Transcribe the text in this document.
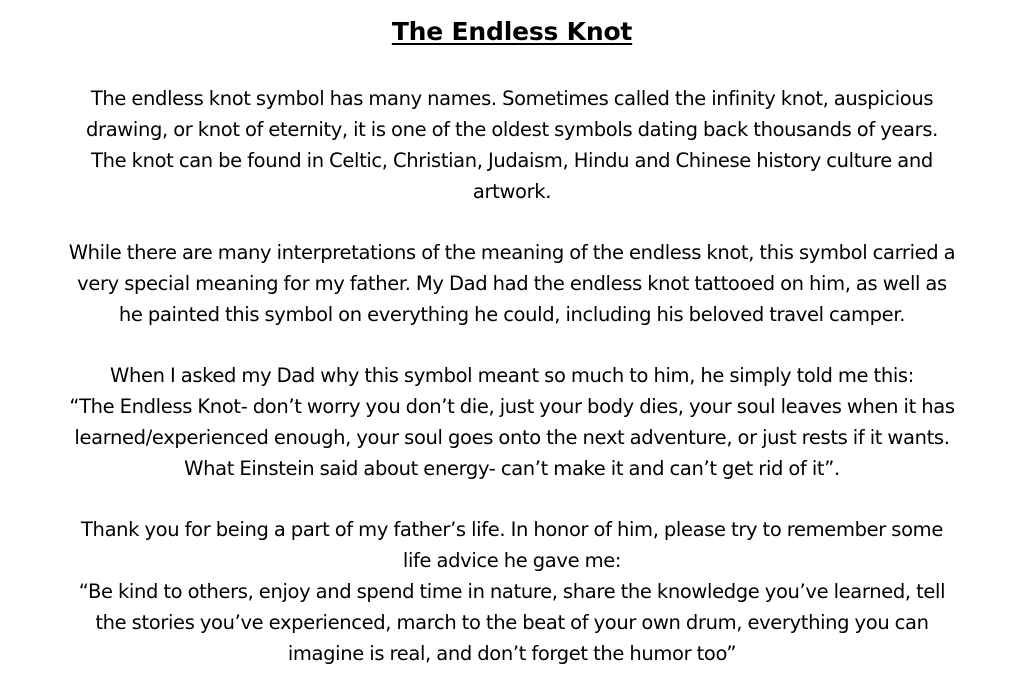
The Endless Knot

The endless knot symbol has many names. Sometimes called the infinity knot, auspicious
drawing, or knot of eternity, it is one of the oldest symbols dating back thousands of years.
The knot can be found in Celtic, Christian, Judaism, Hindu and Chinese history culture and
artwork.

While there are many interpretations of the meaning of the endless knot, this symbol carried a
very special meaning for my father. My Dad had the endless knot tattooed on him, as well as
he painted this symbol on everything he could, including his beloved travel camper.

When I asked my Dad why this symbol meant so much to him, he simply told me this:
“The Endless Knot- don’t worry you don’t die, just your body dies, your soul leaves when it has
learned/experienced enough, your soul goes onto the next adventure, or just rests if it wants.
What Einstein said about energy- can’t make it and can’t get rid of it”.

Thank you for being a part of my father’s life. In honor of him, please try to remember some
life advice he gave me:
“Be kind to others, enjoy and spend time in nature, share the knowledge you’ve learned, tell
the stories you’ve experienced, march to the beat of your own drum, everything you can
imagine is real, and don’t forget the humor too”
